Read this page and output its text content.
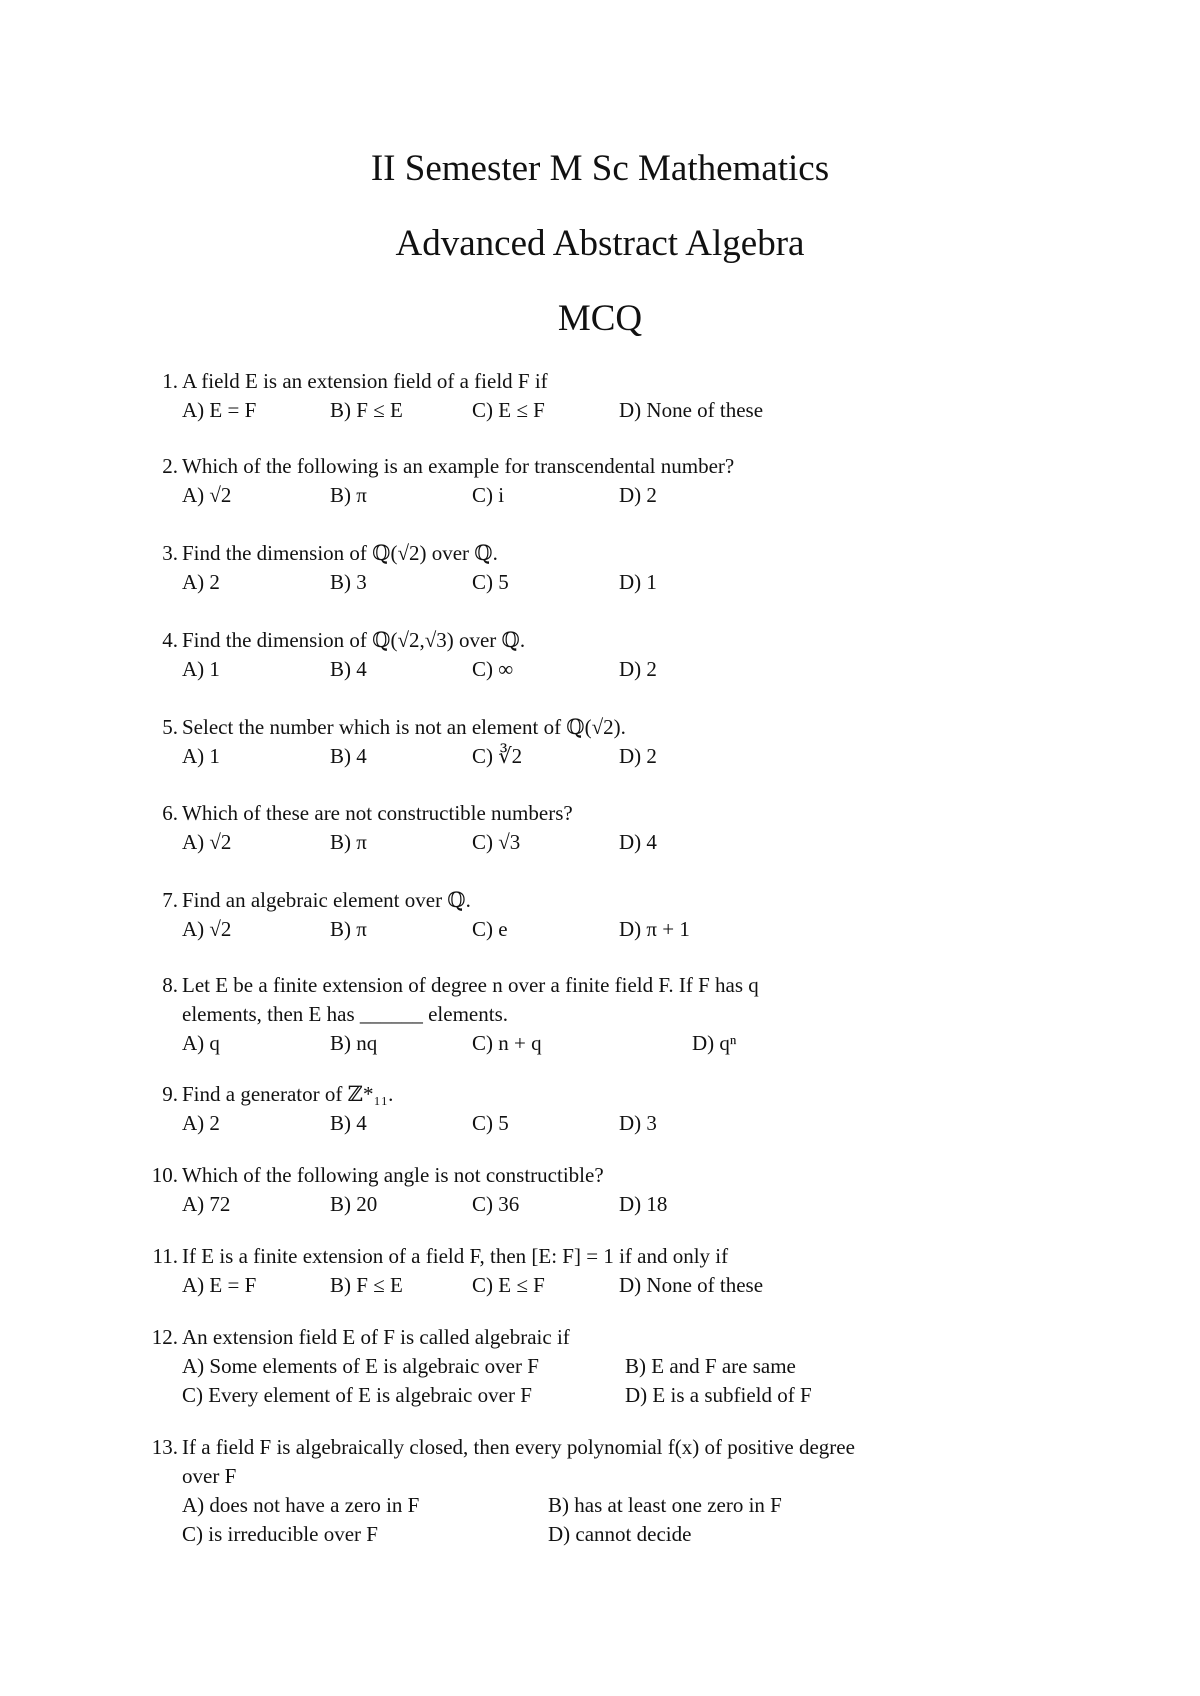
II Semester M Sc Mathematics
Advanced Abstract Algebra
MCQ
1. A field E is an extension field of a field F if
A) E = F	B) F ≤ E	C) E ≤ F	D) None of these
2. Which of the following is an example for transcendental number?
A) √2	B) π	C) i	D) 2
3. Find the dimension of ℚ(√2) over ℚ.
A) 2	B) 3	C) 5	D) 1
4. Find the dimension of ℚ(√2,√3) over ℚ.
A) 1	B) 4	C) ∞	D) 2
5. Select the number which is not an element of ℚ(√2).
A) 1	B) 4	C) ∛2	D) 2
6. Which of these are not constructible numbers?
A) √2	B) π	C) √3	D) 4
7. Find an algebraic element over ℚ.
A) √2	B) π	C) e	D) π + 1
8. Let E be a finite extension of degree n over a finite field F. If F has q
elements, then E has ______ elements.
A) q	B) nq	C) n + q	D) qⁿ
9. Find a generator of ℤ*₁₁.
A) 2	B) 4	C) 5	D) 3
10. Which of the following angle is not constructible?
A) 72	B) 20	C) 36	D) 18
11. If E is a finite extension of a field F, then [E: F] = 1 if and only if
A) E = F	B) F ≤ E	C) E ≤ F	D) None of these
12. An extension field E of F is called algebraic if
A) Some elements of E is algebraic over F	B) E and F are same
C) Every element of E is algebraic over F	D) E is a subfield of F
13. If a field F is algebraically closed, then every polynomial f(x) of positive degree
over F
A) does not have a zero in F	B) has at least one zero in F
C) is irreducible over F	D) cannot decide
